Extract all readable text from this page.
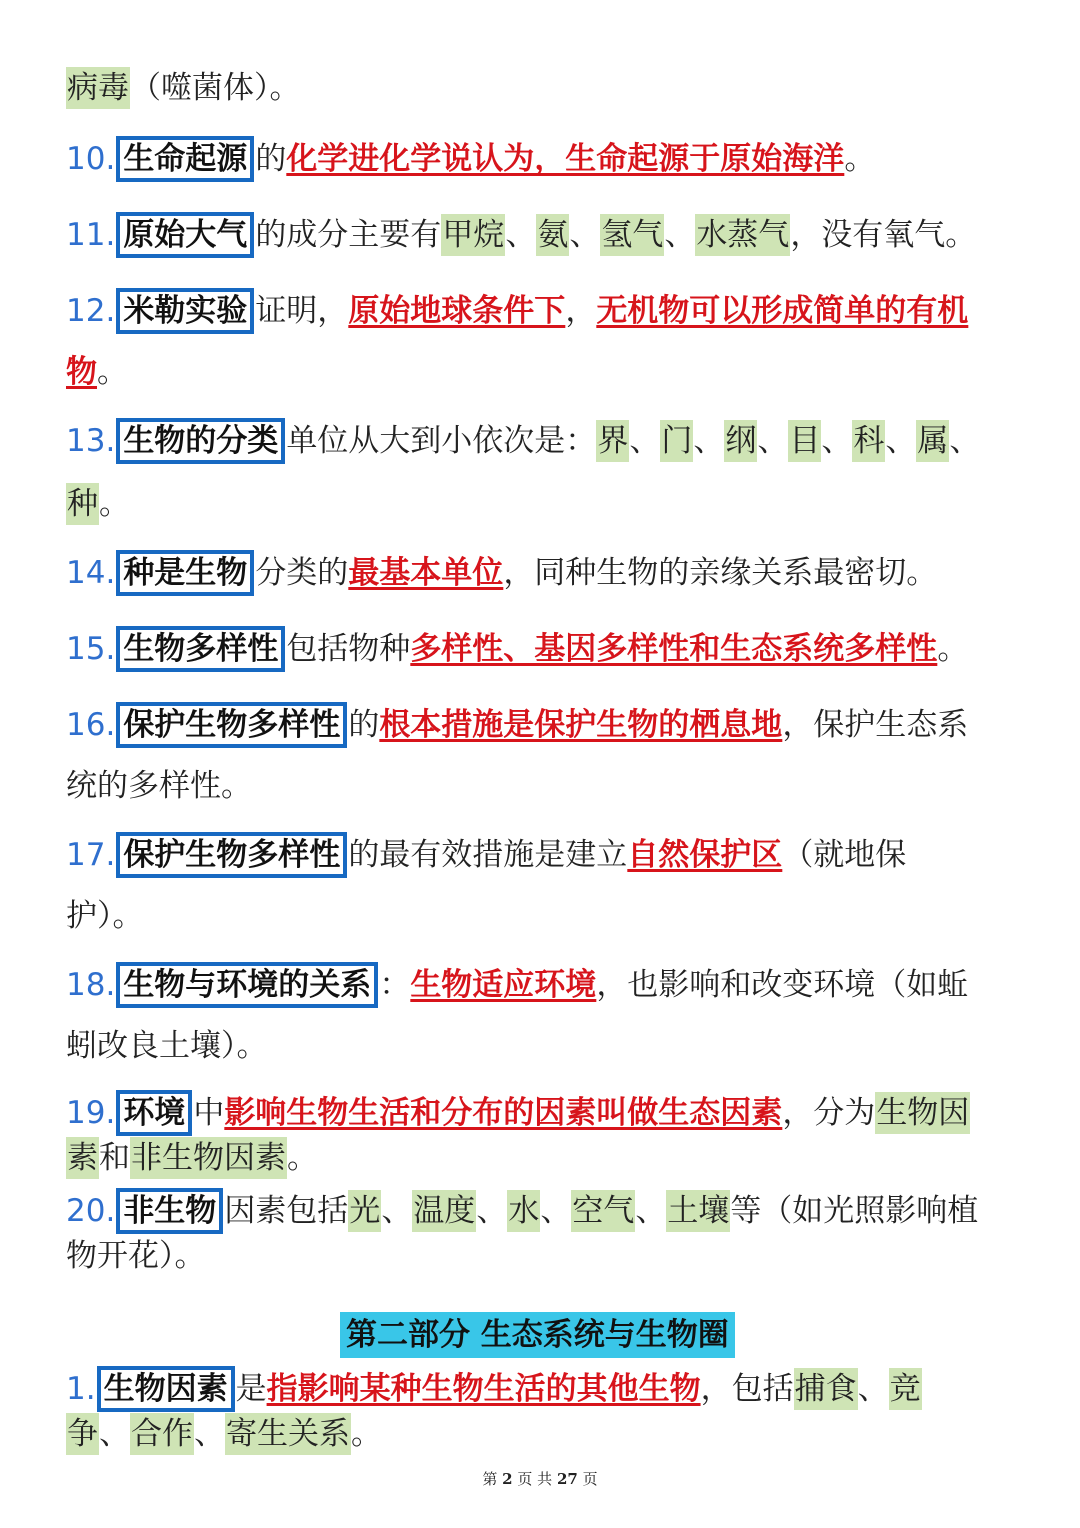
病毒（噬菌体）。
10. 生命起源 的化学进化学说认为，生命起源于原始海洋。
11. 原始大气 的成分主要有甲烷、氨、氢气、水蒸气，没有氧气。
12. 米勒实验 证明，原始地球条件下，无机物可以形成简单的有机
物。
13. 生物的分类 单位从大到小依次是：界、门、纲、目、科、属、
种。
14. 种是生物 分类的最基本单位，同种生物的亲缘关系最密切。
15. 生物多样性 包括物种多样性、基因多样性和生态系统多样性。
16. 保护生物多样性 的根本措施是保护生物的栖息地，保护生态系
统的多样性。
17. 保护生物多样性 的最有效措施是建立自然保护区（就地保
护）。
18. 生物与环境的关系 ：生物适应环境，也影响和改变环境（如蚯
蚓改良土壤）。
19. 环境 中影响生物生活和分布的因素叫做生态因素，分为生物因
素和非生物因素。
20. 非生物 因素包括光、温度、水、空气、土壤等（如光照影响植
物开花）。
第二部分 生态系统与生物圈
1. 生物因素 是指影响某种生物生活的其他生物，包括捕食、竞
争、合作、寄生关系。
第 2 页 共 27 页
